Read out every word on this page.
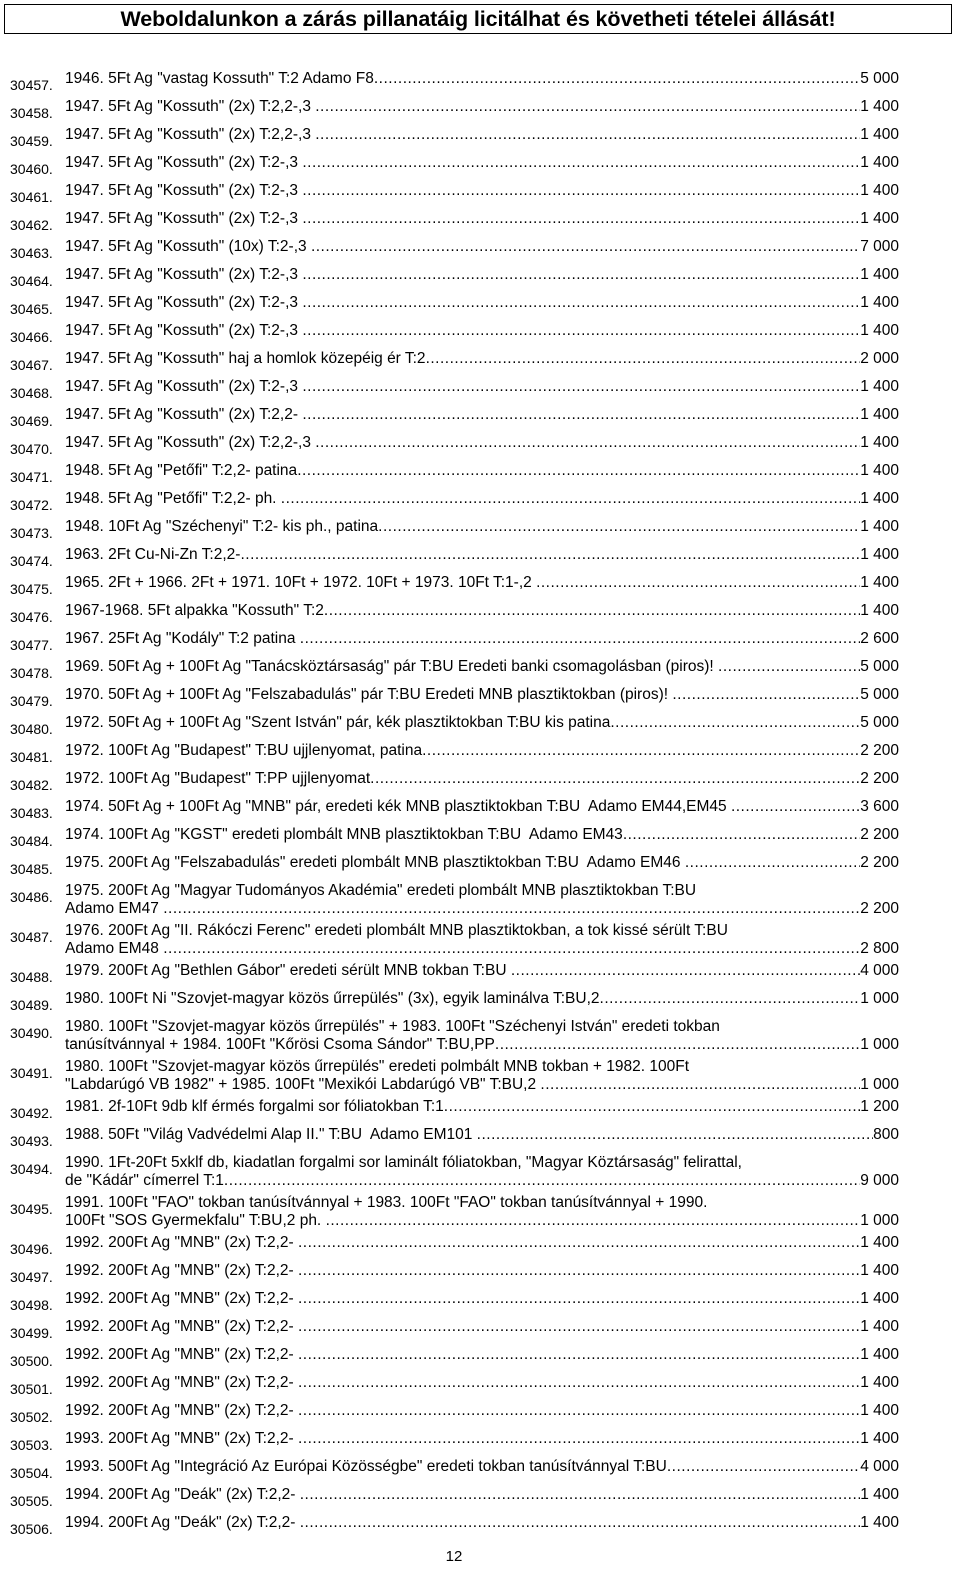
Weboldalunkon a zárás pillanatáig licitálhat és követheti tételei állását!
30457. 1946. 5Ft Ag "vastag Kossuth" T:2 Adamo F8 .....	5 000
30458. 1947. 5Ft Ag "Kossuth" (2x) T:2,2-,3 .....	1 400
30459. 1947. 5Ft Ag "Kossuth" (2x) T:2,2-,3 .....	1 400
30460. 1947. 5Ft Ag "Kossuth" (2x) T:2-,3 .....	1 400
30461. 1947. 5Ft Ag "Kossuth" (2x) T:2-,3 .....	1 400
30462. 1947. 5Ft Ag "Kossuth" (2x) T:2-,3 .....	1 400
30463. 1947. 5Ft Ag "Kossuth" (10x) T:2-,3 .....	7 000
30464. 1947. 5Ft Ag "Kossuth" (2x) T:2-,3 .....	1 400
30465. 1947. 5Ft Ag "Kossuth" (2x) T:2-,3 .....	1 400
30466. 1947. 5Ft Ag "Kossuth" (2x) T:2-,3 .....	1 400
30467. 1947. 5Ft Ag "Kossuth" haj a homlok közepéig ér T:2 .....	2 000
30468. 1947. 5Ft Ag "Kossuth" (2x) T:2-,3 .....	1 400
30469. 1947. 5Ft Ag "Kossuth" (2x) T:2,2- .....	1 400
30470. 1947. 5Ft Ag "Kossuth" (2x) T:2,2-,3 .....	1 400
30471. 1948. 5Ft Ag "Petőfi" T:2,2- patina .....	1 400
30472. 1948. 5Ft Ag "Petőfi" T:2,2- ph. .....	1 400
30473. 1948. 10Ft Ag "Széchenyi" T:2- kis ph., patina .....	1 400
30474. 1963. 2Ft Cu-Ni-Zn T:2,2- .....	1 400
30475. 1965. 2Ft + 1966. 2Ft + 1971. 10Ft + 1972. 10Ft + 1973. 10Ft T:1-,2 .....	1 400
30476. 1967-1968. 5Ft alpakka "Kossuth" T:2 .....	1 400
30477. 1967. 25Ft Ag "Kodály" T:2 patina .....	2 600
30478. 1969. 50Ft Ag + 100Ft Ag "Tanácsköztársaság" pár T:BU Eredeti banki csomagolásban (piros)! .....	5 000
30479. 1970. 50Ft Ag + 100Ft Ag "Felszabadulás" pár T:BU Eredeti MNB plasztiktokban (piros)! .....	5 000
30480. 1972. 50Ft Ag + 100Ft Ag "Szent István" pár, kék plasztiktokban T:BU kis patina .....	5 000
30481. 1972. 100Ft Ag "Budapest" T:BU ujjlenyomat, patina .....	2 200
30482. 1972. 100Ft Ag "Budapest" T:PP ujjlenyomat .....	2 200
30483. 1974. 50Ft Ag + 100Ft Ag "MNB" pár, eredeti kék MNB plasztiktokban T:BU  Adamo EM44,EM45 .....	3 600
30484. 1974. 100Ft Ag "KGST" eredeti plombált MNB plasztiktokban T:BU  Adamo EM43 .....	2 200
30485. 1975. 200Ft Ag "Felszabadulás" eredeti plombált MNB plasztiktokban T:BU  Adamo EM46 .....	2 200
30486. 1975. 200Ft Ag "Magyar Tudományos Akadémia" eredeti plombált MNB plasztiktokban T:BU
Adamo EM47 .....	2 200
30487. 1976. 200Ft Ag "II. Rákóczi Ferenc" eredeti plombált MNB plasztiktokban, a tok kissé sérült T:BU
Adamo EM48 .....	2 800
30488. 1979. 200Ft Ag "Bethlen Gábor" eredeti sérült MNB tokban T:BU .....	4 000
30489. 1980. 100Ft Ni "Szovjet-magyar közös űrrepülés" (3x), egyik laminálva T:BU,2 .....	1 000
30490. 1980. 100Ft "Szovjet-magyar közös űrrepülés" + 1983. 100Ft "Széchenyi István" eredeti tokban
tanúsítvánnyal + 1984. 100Ft "Kőrösi Csoma Sándor" T:BU,PP .....	1 000
30491. 1980. 100Ft "Szovjet-magyar közös űrrepülés" eredeti polmbált MNB tokban + 1982. 100Ft
"Labdarúgó VB 1982" + 1985. 100Ft "Mexikói Labdarúgó VB" T:BU,2 .....	1 000
30492. 1981. 2f-10Ft 9db klf érmés forgalmi sor fóliatokban T:1 .....	1 200
30493. 1988. 50Ft "Világ Vadvédelmi Alap II." T:BU  Adamo EM101 .....	800
30494. 1990. 1Ft-20Ft 5xklf db, kiadatlan forgalmi sor laminált fóliatokban, "Magyar Köztársaság" felirattal,
de "Kádár" címerrel T:1 .....	9 000
30495. 1991. 100Ft "FAO" tokban tanúsítvánnyal + 1983. 100Ft "FAO" tokban tanúsítvánnyal + 1990.
100Ft "SOS Gyermekfalu" T:BU,2 ph. .....	1 000
30496. 1992. 200Ft Ag "MNB" (2x) T:2,2- .....	1 400
30497. 1992. 200Ft Ag "MNB" (2x) T:2,2- .....	1 400
30498. 1992. 200Ft Ag "MNB" (2x) T:2,2- .....	1 400
30499. 1992. 200Ft Ag "MNB" (2x) T:2,2- .....	1 400
30500. 1992. 200Ft Ag "MNB" (2x) T:2,2- .....	1 400
30501. 1992. 200Ft Ag "MNB" (2x) T:2,2- .....	1 400
30502. 1992. 200Ft Ag "MNB" (2x) T:2,2- .....	1 400
30503. 1993. 200Ft Ag "MNB" (2x) T:2,2- .....	1 400
30504. 1993. 500Ft Ag "Integráció Az Európai Közösségbe" eredeti tokban tanúsítvánnyal T:BU .....	4 000
30505. 1994. 200Ft Ag "Deák" (2x) T:2,2- .....	1 400
30506. 1994. 200Ft Ag "Deák" (2x) T:2,2- .....	1 400
12
